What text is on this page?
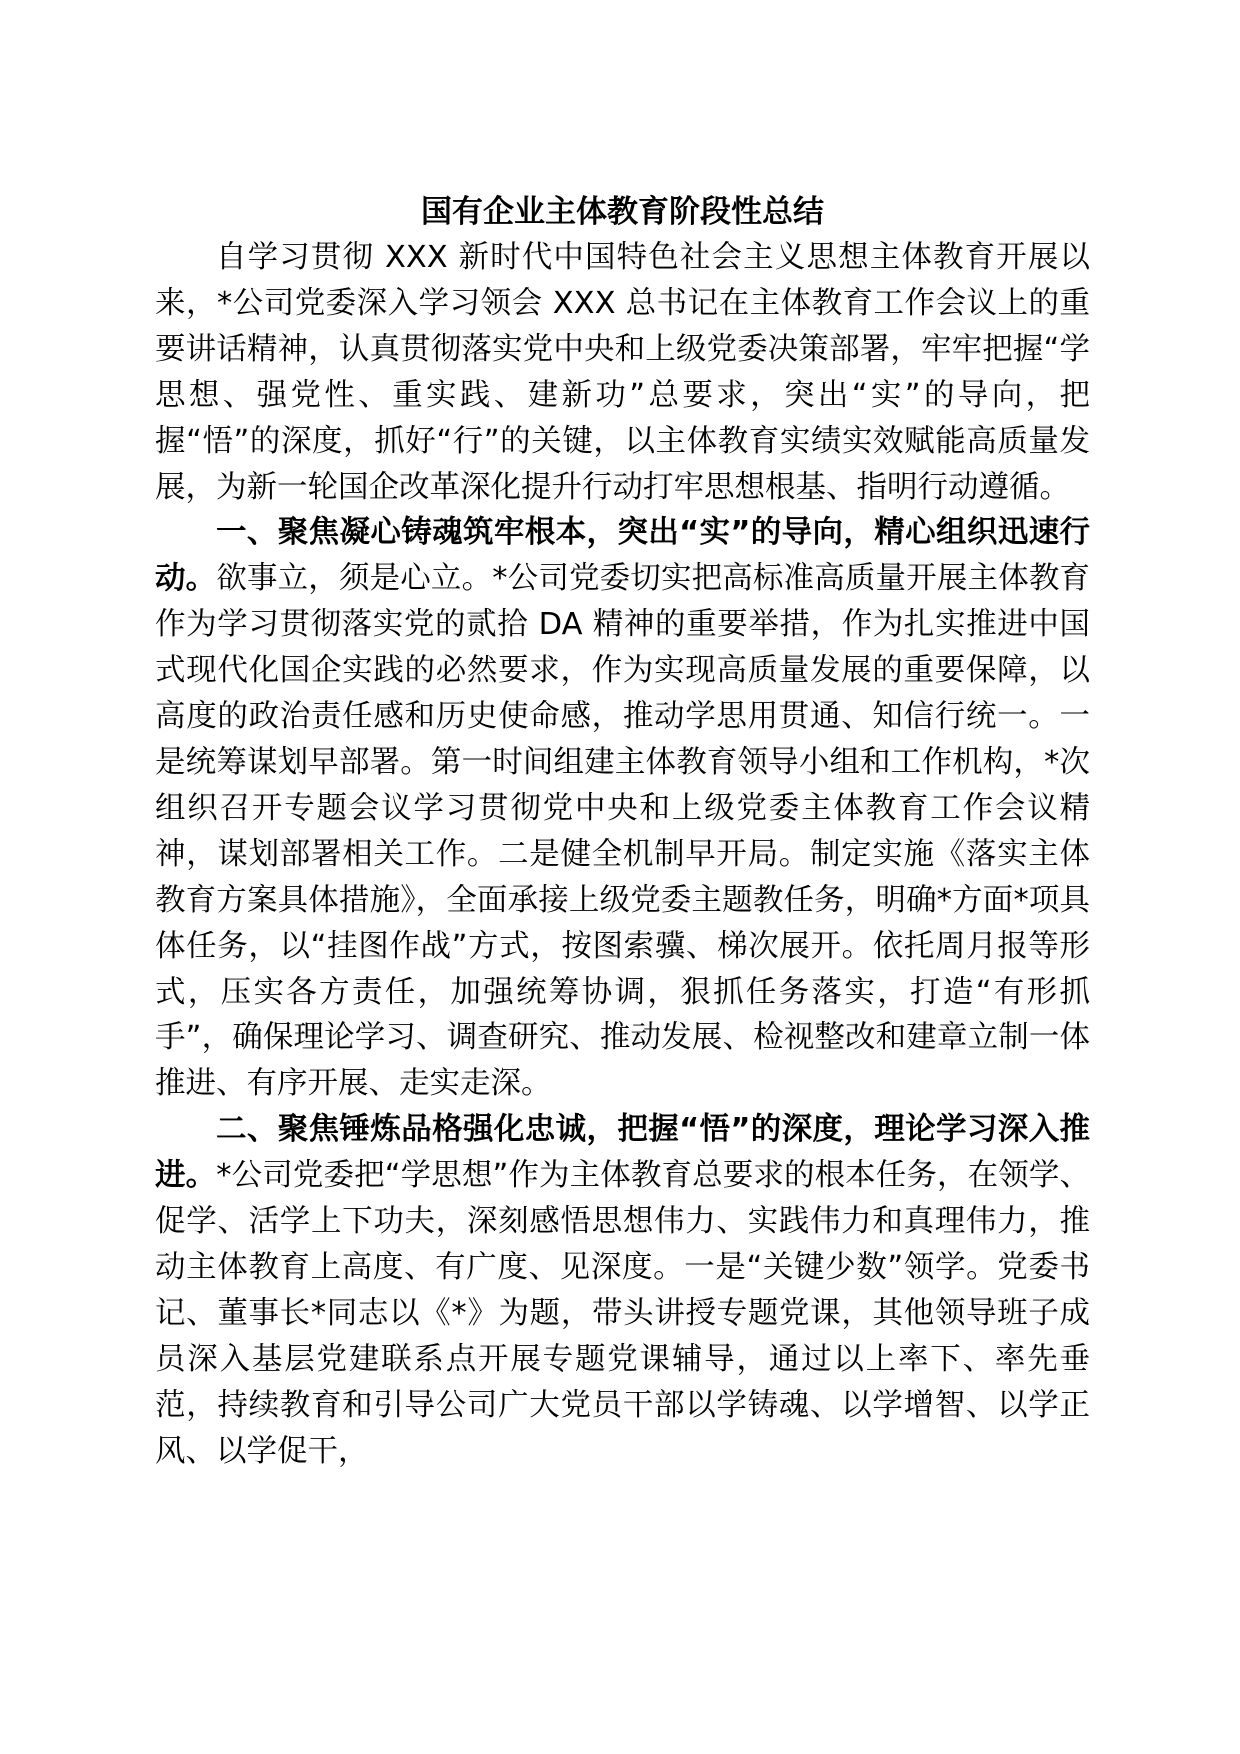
国有企业主体教育阶段性总结

自学习贯彻 XXX 新时代中国特色社会主义思想主体教育开展以来，*公司党委深入学习领会 XXX 总书记在主体教育工作会议上的重要讲话精神，认真贯彻落实党中央和上级党委决策部署，牢牢把握“学思想、强党性、重实践、建新功”总要求，突出“实”的导向，把握“悟”的深度，抓好“行”的关键，以主体教育实绩实效赋能高质量发展，为新一轮国企改革深化提升行动打牢思想根基、指明行动遵循。

一、聚焦凝心铸魂筑牢根本，突出“实”的导向，精心组织迅速行动。欲事立，须是心立。*公司党委切实把高标准高质量开展主体教育作为学习贯彻落实党的贰拾 DA 精神的重要举措，作为扎实推进中国式现代化国企实践的必然要求，作为实现高质量发展的重要保障，以高度的政治责任感和历史使命感，推动学思用贯通、知信行统一。一是统筹谋划早部署。第一时间组建主体教育领导小组和工作机构，*次组织召开专题会议学习贯彻党中央和上级党委主体教育工作会议精神，谋划部署相关工作。二是健全机制早开局。制定实施《落实主体教育方案具体措施》，全面承接上级党委主题教任务，明确*方面*项具体任务，以“挂图作战”方式，按图索骥、梯次展开。依托周月报等形式，压实各方责任，加强统筹协调，狠抓任务落实，打造“有形抓手”，确保理论学习、调查研究、推动发展、检视整改和建章立制一体推进、有序开展、走实走深。

二、聚焦锤炼品格强化忠诚，把握“悟”的深度，理论学习深入推进。*公司党委把“学思想”作为主体教育总要求的根本任务，在领学、促学、活学上下功夫，深刻感悟思想伟力、实践伟力和真理伟力，推动主体教育上高度、有广度、见深度。一是“关键少数”领学。党委书记、董事长*同志以《*》为题，带头讲授专题党课，其他领导班子成员深入基层党建联系点开展专题党课辅导，通过以上率下、率先垂范，持续教育和引导公司广大党员干部以学铸魂、以学增智、以学正风、以学促干，
